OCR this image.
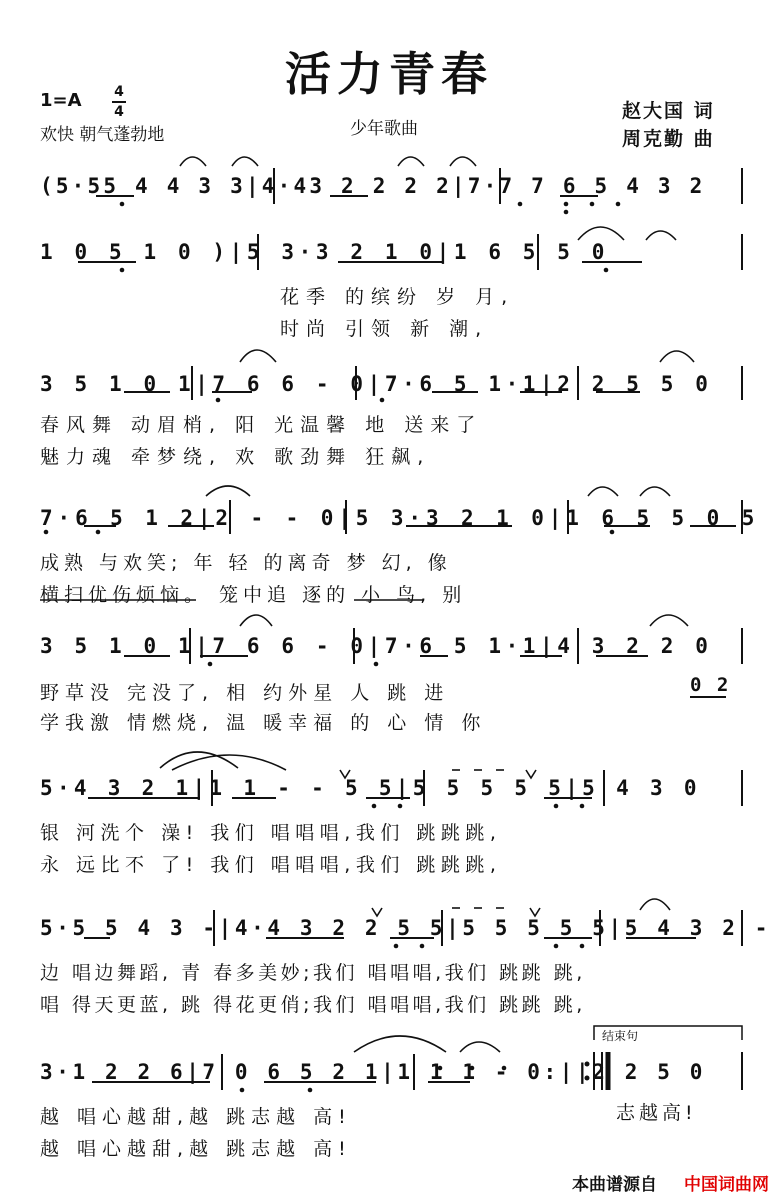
活力青春
1=A 4
4
欢快 朝气蓬勃地	少年歌曲
赵大国 词
周克勤 曲
(5·55 4 4 3 3|4·43 2 2 2 2|7·7 7 6 5 4 3 2
1 0 5 1 0 )|5 3·3 2 1 0|1 6 5 5 0
花季 的缤纷 岁 月,
时尚 引领 新 潮,
3 5 1 0 1|7 6 6 - 0|7·6 5 1·1|2 2 5 5 0
春风舞 动眉梢, 阳 光温馨 地 送来了
魅力魂 牵梦绕, 欢 歌劲舞 狂飙,
7·6 5 1 2|2 - - 0|5 3·3 2 1 0|1 6 5 5 0 5
成熟 与欢笑; 年 轻 的离奇 梦 幻, 像
横扫优伤烦恼。 笼中追 逐的 小 鸟, 别
3 5 1 0 1|7 6 6 - 0|7·6 5 1·1|4 3 2 2 0
0 2
野草没 完没了, 相 约外星 人 跳 进
学我激 情燃烧, 温 暖幸福 的 心 情 你
5·4 3 2 1|1 1 - - 5 5|5 5 5 5 5|5 4 3 0
银 河洗个 澡! 我们 唱唱唱,我们 跳跳跳,
永 远比不 了! 我们 唱唱唱,我们 跳跳跳,
5·5 5 4 3 -|4·4 3 2 2 5 5|5 5 5 5 5|5 4 3 2 -
边 唱边舞蹈, 青 春多美妙;我们 唱唱唱,我们 跳跳 跳,
唱 得天更蓝, 跳 得花更俏;我们 唱唱唱,我们 跳跳 跳,
结束句
3·1 2 2 6|7 0 6 5 2 1|1 1 1 - 0:||2 2 5 0
越 唱心越甜,越 跳志越 高!
越 唱心越甜,越 跳志越 高!
志越高!
本曲谱源自 中国词曲网
